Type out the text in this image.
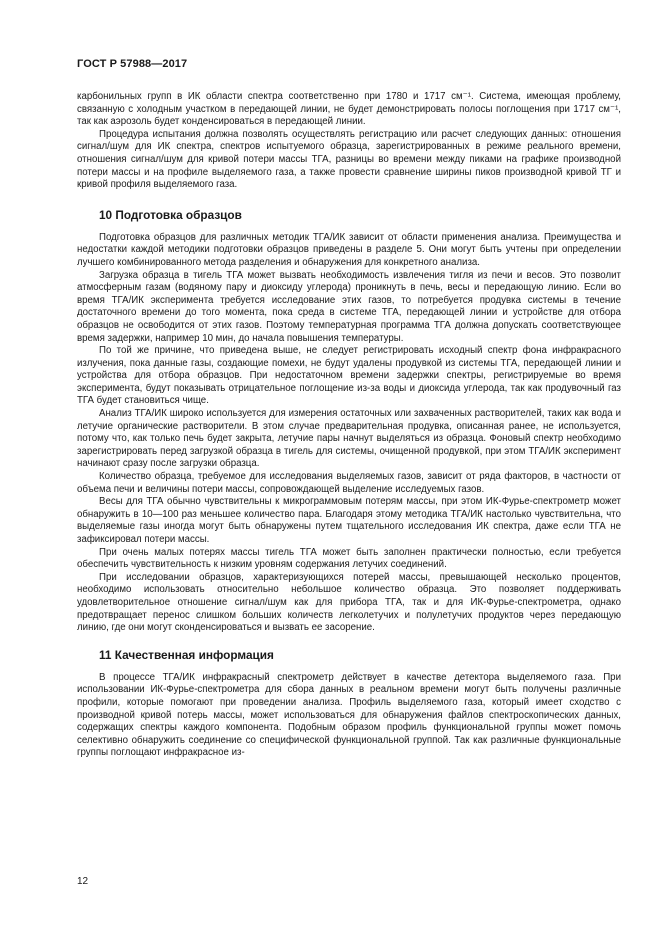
ГОСТ Р 57988—2017

карбонильных групп в ИК области спектра соответственно при 1780 и 1717 см⁻¹. Система, имеющая проблему, связанную с холодным участком в передающей линии, не будет демонстрировать полосы поглощения при 1717 см⁻¹, так как аэрозоль будет конденсироваться в передающей линии.

Процедура испытания должна позволять осуществлять регистрацию или расчет следующих данных: отношения сигнал/шум для ИК спектра, спектров испытуемого образца, зарегистрированных в режиме реального времени, отношения сигнал/шум для кривой потери массы ТГА, разницы во времени между пиками на графике производной потери массы и на профиле выделяемого газа, а также провести сравнение ширины пиков производной кривой ТГ и кривой профиля выделяемого газа.

10 Подготовка образцов

Подготовка образцов для различных методик ТГА/ИК зависит от области применения анализа. Преимущества и недостатки каждой методики подготовки образцов приведены в разделе 5. Они могут быть учтены при определении лучшего комбинированного метода разделения и обнаружения для конкретного анализа.

Загрузка образца в тигель ТГА может вызвать необходимость извлечения тигля из печи и весов. Это позволит атмосферным газам (водяному пару и диоксиду углерода) проникнуть в печь, весы и передающую линию. Если во время ТГА/ИК эксперимента требуется исследование этих газов, то потребуется продувка системы в течение достаточного времени до того момента, пока среда в системе ТГА, передающей линии и устройстве для отбора образцов не освободится от этих газов. Поэтому температурная программа ТГА должна допускать соответствующее время задержки, например 10 мин, до начала повышения температуры.

По той же причине, что приведена выше, не следует регистрировать исходный спектр фона инфракрасного излучения, пока данные газы, создающие помехи, не будут удалены продувкой из системы ТГА, передающей линии и устройства для отбора образцов. При недостаточном времени задержки спектры, регистрируемые во время эксперимента, будут показывать отрицательное поглощение из-за воды и диоксида углерода, так как продувочный газ ТГА будет становиться чище.

Анализ ТГА/ИК широко используется для измерения остаточных или захваченных растворителей, таких как вода и летучие органические растворители. В этом случае предварительная продувка, описанная ранее, не используется, потому что, как только печь будет закрыта, летучие пары начнут выделяться из образца. Фоновый спектр необходимо зарегистрировать перед загрузкой образца в тигель для системы, очищенной продувкой, при этом ТГА/ИК эксперимент начинают сразу после загрузки образца.

Количество образца, требуемое для исследования выделяемых газов, зависит от ряда факторов, в частности от объема печи и величины потери массы, сопровождающей выделение исследуемых газов.

Весы для ТГА обычно чувствительны к микрограммовым потерям массы, при этом ИК-Фурье-спектрометр может обнаружить в 10—100 раз меньшее количество пара. Благодаря этому методика ТГА/ИК настолько чувствительна, что выделяемые газы иногда могут быть обнаружены путем тщательного исследования ИК спектра, даже если ТГА не зафиксировал потери массы.

При очень малых потерях массы тигель ТГА может быть заполнен практически полностью, если требуется обеспечить чувствительность к низким уровням содержания летучих соединений.

При исследовании образцов, характеризующихся потерей массы, превышающей несколько процентов, необходимо использовать относительно небольшое количество образца. Это позволяет поддерживать удовлетворительное отношение сигнал/шум как для прибора ТГА, так и для ИК-Фурье-спектрометра, однако предотвращает перенос слишком больших количеств легколетучих и полулетучих продуктов через передающую линию, где они могут сконденсироваться и вызвать ее засорение.

11 Качественная информация

В процессе ТГА/ИК инфракрасный спектрометр действует в качестве детектора выделяемого газа. При использовании ИК-Фурье-спектрометра для сбора данных в реальном времени могут быть получены различные профили, которые помогают при проведении анализа. Профиль выделяемого газа, который имеет сходство с производной кривой потерь массы, может использоваться для обнаружения файлов спектроскопических данных, содержащих спектры каждого компонента. Подобным образом профиль функциональной группы может помочь селективно обнаружить соединение со специфической функциональной группой. Так как различные функциональные группы поглощают инфракрасное из-

12
